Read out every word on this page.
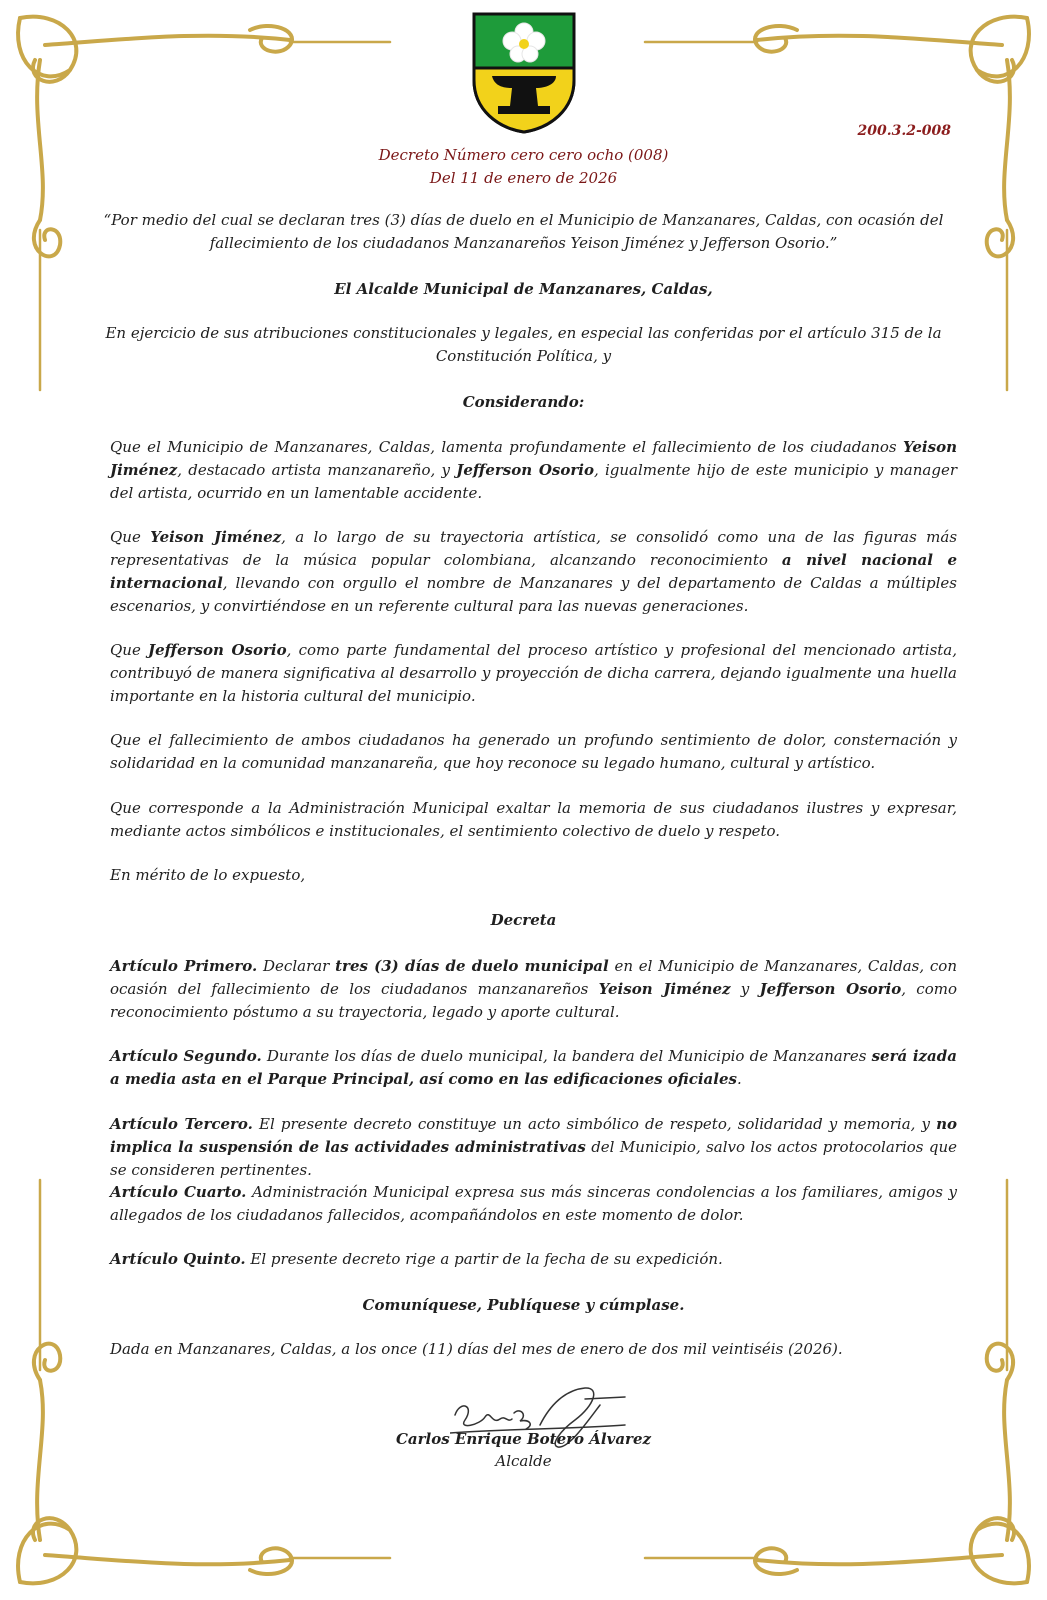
200.3.2-008
Decreto Número cero cero ocho (008)
Del 11 de enero de 2026
“Por medio del cual se declaran tres (3) días de duelo en el Municipio de Manzanares, Caldas, con ocasión del fallecimiento de los ciudadanos Manzanareños Yeison Jiménez y Jefferson Osorio.”
El Alcalde Municipal de Manzanares, Caldas,
En ejercicio de sus atribuciones constitucionales y legales, en especial las conferidas por el artículo 315 de la Constitución Política, y
Considerando:
Que el Municipio de Manzanares, Caldas, lamenta profundamente el fallecimiento de los ciudadanos Yeison Jiménez, destacado artista manzanareño, y Jefferson Osorio, igualmente hijo de este municipio y manager del artista, ocurrido en un lamentable accidente.
Que Yeison Jiménez, a lo largo de su trayectoria artística, se consolidó como una de las figuras más representativas de la música popular colombiana, alcanzando reconocimiento a nivel nacional e internacional, llevando con orgullo el nombre de Manzanares y del departamento de Caldas a múltiples escenarios, y convirtiéndose en un referente cultural para las nuevas generaciones.
Que Jefferson Osorio, como parte fundamental del proceso artístico y profesional del mencionado artista, contribuyó de manera significativa al desarrollo y proyección de dicha carrera, dejando igualmente una huella importante en la historia cultural del municipio.
Que el fallecimiento de ambos ciudadanos ha generado un profundo sentimiento de dolor, consternación y solidaridad en la comunidad manzanareña, que hoy reconoce su legado humano, cultural y artístico.
Que corresponde a la Administración Municipal exaltar la memoria de sus ciudadanos ilustres y expresar, mediante actos simbólicos e institucionales, el sentimiento colectivo de duelo y respeto.
En mérito de lo expuesto,
Decreta
Artículo Primero. Declarar tres (3) días de duelo municipal en el Municipio de Manzanares, Caldas, con ocasión del fallecimiento de los ciudadanos manzanareños Yeison Jiménez y Jefferson Osorio, como reconocimiento póstumo a su trayectoria, legado y aporte cultural.
Artículo Segundo. Durante los días de duelo municipal, la bandera del Municipio de Manzanares será izada a media asta en el Parque Principal, así como en las edificaciones oficiales.
Artículo Tercero. El presente decreto constituye un acto simbólico de respeto, solidaridad y memoria, y no implica la suspensión de las actividades administrativas del Municipio, salvo los actos protocolarios que se consideren pertinentes.
Artículo Cuarto. Administración Municipal expresa sus más sinceras condolencias a los familiares, amigos y allegados de los ciudadanos fallecidos, acompañándolos en este momento de dolor.
Artículo Quinto. El presente decreto rige a partir de la fecha de su expedición.
Comuníquese, Publíquese y cúmplase.
Dada en Manzanares, Caldas, a los once (11) días del mes de enero de dos mil veintiséis (2026).
Carlos Enrique Botero Álvarez
Alcalde
